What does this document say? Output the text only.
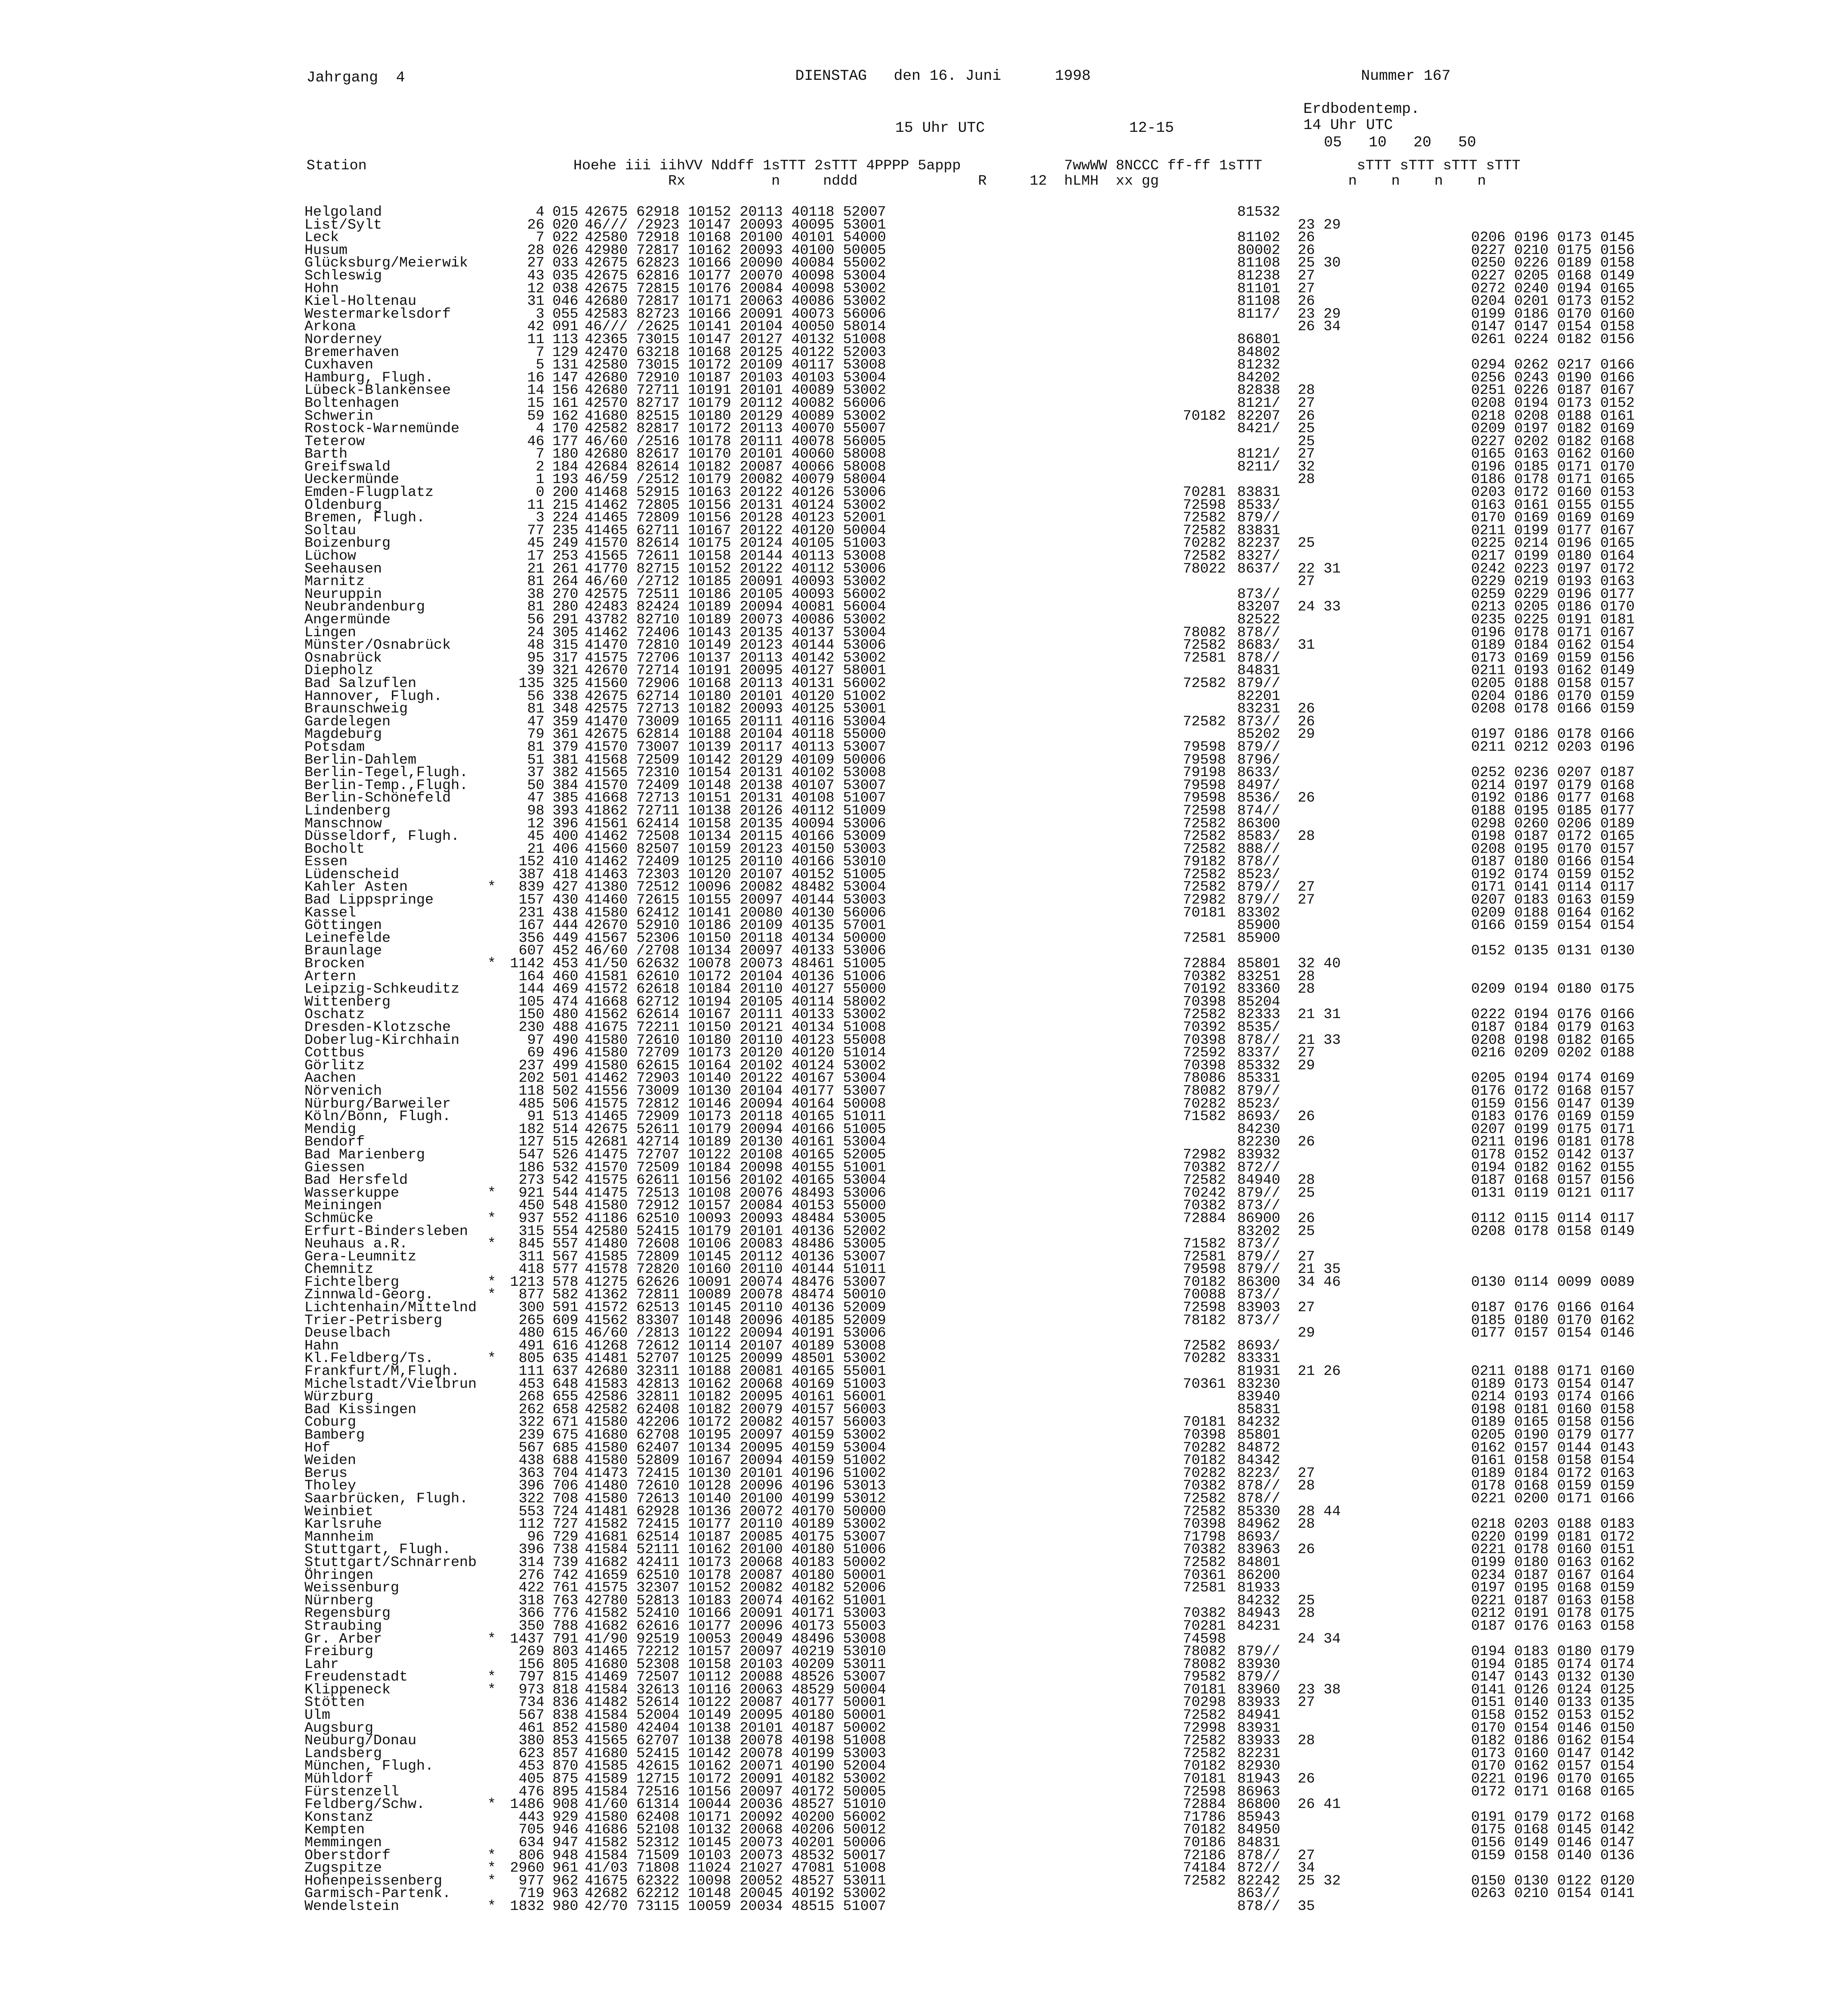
Jahrgang  4	DIENSTAG   den 16. Juni      1998	Nummer 167
Erdbodentemp.
14 Uhr UTC
15 Uhr UTC	12-15
05   10   20   50
Station                        Hoehe iii iihVV Nddff 1sTTT 2sTTT 4PPPP 5appp            7wwWW 8NCCC ff-ff 1sTTT           sTTT sTTT sTTT sTTT
Rx          n     nddd              R     12  hLMH  xx gg                      n    n    n    n
Helgoland	4	015	42675 62918 10152 20113 40118 52007		81532		
List/Sylt	26	020	46/// /2923 10147 20093 40095 53001			23 29	
Leck	7	022	42580 72918 10168 20100 40101 54000		81102	26	0206 0196 0173 0145
Husum	28	026	42980 72817 10162 20093 40100 50005		80002	26	0227 0210 0175 0156
Glücksburg/Meierwik	27	033	42675 62823 10166 20090 40084 55002		81108	25 30	0250 0226 0189 0158
Schleswig	43	035	42675 62816 10177 20070 40098 53004		81238	27	0227 0205 0168 0149
Hohn	12	038	42675 72815 10176 20084 40098 53002		81101	27	0272 0240 0194 0165
Kiel-Holtenau	31	046	42680 72817 10171 20063 40086 53002		81108	26	0204 0201 0173 0152
Westermarkelsdorf	3	055	42583 82723 10166 20091 40073 56006		8117/	23 29	0199 0186 0170 0160
Arkona	42	091	46/// /2625 10141 20104 40050 58014			26 34	0147 0147 0154 0158
Norderney	11	113	42365 73015 10147 20127 40132 51008		86801		0261 0224 0182 0156
Bremerhaven	7	129	42470 63218 10168 20125 40122 52003		84802		
Cuxhaven	5	131	42580 73015 10172 20109 40117 53008		81232		0294 0262 0217 0166
Hamburg, Flugh.	16	147	42680 72910 10187 20103 40103 53004		84202		0256 0243 0190 0166
Lübeck-Blankensee	14	156	42680 72711 10191 20101 40089 53002		82838	28	0251 0226 0187 0167
Boltenhagen	15	161	42570 82717 10179 20112 40082 56006		8121/	27	0208 0194 0173 0152
Schwerin	59	162	41680 82515 10180 20129 40089 53002	70182	82207	26	0218 0208 0188 0161
Rostock-Warnemünde	4	170	42582 82817 10172 20113 40070 55007		8421/	25	0209 0197 0182 0169
Teterow	46	177	46/60 /2516 10178 20111 40078 56005			25	0227 0202 0182 0168
Barth	7	180	42680 82617 10170 20101 40060 58008		8121/	27	0165 0163 0162 0160
Greifswald	2	184	42684 82614 10182 20087 40066 58008		8211/	32	0196 0185 0171 0170
Ueckermünde	1	193	46/59 /2512 10179 20082 40079 58004			28	0186 0178 0171 0165
Emden-Flugplatz	0	200	41468 52915 10163 20122 40126 53006	70281	83831		0203 0172 0160 0153
Oldenburg	11	215	41462 72805 10156 20131 40124 53002	72598	8533/		0163 0161 0155 0155
Bremen, Flugh.	3	224	41465 72809 10156 20128 40123 52001	72582	879//		0170 0169 0169 0169
Soltau	77	235	41465 62711 10167 20122 40120 50004	72582	83831		0211 0199 0177 0167
Boizenburg	45	249	41570 82614 10175 20124 40105 51003	70282	82237	25	0225 0214 0196 0165
Lüchow	17	253	41565 72611 10158 20144 40113 53008	72582	8327/		0217 0199 0180 0164
Seehausen	21	261	41770 82715 10152 20122 40112 53006	78022	8637/	22 31	0242 0223 0197 0172
Marnitz	81	264	46/60 /2712 10185 20091 40093 53002			27	0229 0219 0193 0163
Neuruppin	38	270	42575 72511 10186 20105 40093 56002		873//		0259 0229 0196 0177
Neubrandenburg	81	280	42483 82424 10189 20094 40081 56004		83207	24 33	0213 0205 0186 0170
Angermünde	56	291	43782 82710 10189 20073 40086 53002		82522		0235 0225 0191 0181
Lingen	24	305	41462 72406 10143 20135 40137 53004	78082	878//		0196 0178 0171 0167
Münster/Osnabrück	48	315	41470 72810 10149 20123 40144 53006	72582	8683/	31	0189 0184 0162 0154
Osnabrück	95	317	41575 72706 10137 20113 40142 53002	72581	878//		0173 0169 0159 0156
Diepholz	39	321	42670 72714 10191 20095 40127 58001		84831		0211 0193 0162 0149
Bad Salzuflen	135	325	41560 72906 10168 20113 40131 56002	72582	879//		0205 0188 0158 0157
Hannover, Flugh.	56	338	42675 62714 10180 20101 40120 51002		82201		0204 0186 0170 0159
Braunschweig	81	348	42575 72713 10182 20093 40125 53001		83231	26	0208 0178 0166 0159
Gardelegen	47	359	41470 73009 10165 20111 40116 53004	72582	873//	26	
Magdeburg	79	361	42675 62814 10188 20104 40118 55000		85202	29	0197 0186 0178 0166
Potsdam	81	379	41570 73007 10139 20117 40113 53007	79598	879//		0211 0212 0203 0196
Berlin-Dahlem	51	381	41568 72509 10142 20129 40109 50006	79598	8796/		
Berlin-Tegel,Flugh.	37	382	41565 72310 10154 20131 40102 53008	79198	8633/		0252 0236 0207 0187
Berlin-Temp.,Flugh.	50	384	41570 72409 10148 20138 40107 53007	79598	8497/		0214 0197 0179 0168
Berlin-Schönefeld	47	385	41668 72713 10151 20131 40108 51007	79598	8536/	26	0192 0186 0177 0168
Lindenberg	98	393	41862 72711 10138 20126 40112 51009	72598	874//		0188 0195 0185 0177
Manschnow	12	396	41561 62414 10158 20135 40094 53006	72582	86300		0298 0260 0206 0189
Düsseldorf, Flugh.	45	400	41462 72508 10134 20115 40166 53009	72582	8583/	28	0198 0187 0172 0165
Bocholt	21	406	41560 82507 10159 20123 40150 53003	72582	888//		0208 0195 0170 0157
Essen	152	410	41462 72409 10125 20110 40166 53010	79182	878//		0187 0180 0166 0154
Lüdenscheid	387	418	41463 72303 10120 20107 40152 51005	72582	8523/		0192 0174 0159 0152
Kahler Asten *	839	427	41380 72512 10096 20082 48482 53004	72582	879//	27	0171 0141 0114 0117
Bad Lippspringe	157	430	41460 72615 10155 20097 40144 53003	72982	879//	27	0207 0183 0163 0159
Kassel	231	438	41580 62412 10141 20080 40130 56006	70181	83302		0209 0188 0164 0162
Göttingen	167	444	42670 52910 10186 20109 40135 57001		85900		0166 0159 0154 0154
Leinefelde	356	449	41567 52306 10150 20118 40134 50000	72581	85900		
Braunlage	607	452	46/60 /2708 10134 20097 40133 53006				0152 0135 0131 0130
Brocken *	1142	453	41/50 62632 10078 20073 48461 51005	72884	85801	32 40	
Artern	164	460	41581 62610 10172 20104 40136 51006	70382	83251	28	
Leipzig-Schkeuditz	144	469	41572 62618 10184 20110 40127 55000	70192	83360	28	0209 0194 0180 0175
Wittenberg	105	474	41668 62712 10194 20105 40114 58002	70398	85204		
Oschatz	150	480	41562 62614 10167 20111 40133 53002	72582	82333	21 31	0222 0194 0176 0166
Dresden-Klotzsche	230	488	41675 72211 10150 20121 40134 51008	70392	8535/		0187 0184 0179 0163
Doberlug-Kirchhain	97	490	41580 72610 10180 20110 40123 55008	70398	878//	21 33	0208 0198 0182 0165
Cottbus	69	496	41580 72709 10173 20120 40120 51014	72592	8337/	27	0216 0209 0202 0188
Görlitz	237	499	41580 62615 10164 20102 40124 53002	70398	85332	29	
Aachen	202	501	41462 72903 10140 20122 40167 53004	78086	85331		0205 0194 0174 0169
Nörvenich	118	502	41556 73009 10130 20104 40177 53007	78082	879//		0176 0172 0168 0157
Nürburg/Barweiler	485	506	41575 72812 10146 20094 40164 50008	70282	8523/		0159 0156 0147 0139
Köln/Bonn, Flugh.	91	513	41465 72909 10173 20118 40165 51011	71582	8693/	26	0183 0176 0169 0159
Mendig	182	514	42675 52611 10179 20094 40166 51005		84230		0207 0199 0175 0171
Bendorf	127	515	42681 42714 10189 20130 40161 53004		82230	26	0211 0196 0181 0178
Bad Marienberg	547	526	41475 72707 10122 20108 40165 52005	72982	83932		0178 0152 0142 0137
Giessen	186	532	41570 72509 10184 20098 40155 51001	70382	872//		0194 0182 0162 0155
Bad Hersfeld	273	542	41575 62611 10156 20102 40165 53004	72582	84940	28	0187 0168 0157 0156
Wasserkuppe *	921	544	41475 72513 10108 20076 48493 53006	70242	879//	25	0131 0119 0121 0117
Meiningen	450	548	41580 72912 10157 20084 40153 55000	70382	873//		
Schmücke *	937	552	41186 62510 10093 20093 48484 53005	72884	86900	26	0112 0115 0114 0117
Erfurt-Bindersleben	315	554	42580 52415 10179 20101 40136 52002		83202	25	0208 0178 0158 0149
Neuhaus a.R. *	845	557	41480 72608 10106 20083 48486 53005	71582	873//		
Gera-Leumnitz	311	567	41585 72809 10145 20112 40136 53007	72581	879//	27	
Chemnitz	418	577	41578 72820 10160 20110 40144 51011	79598	879//	21 35	
Fichtelberg *	1213	578	41275 62626 10091 20074 48476 53007	70182	86300	34 46	0130 0114 0099 0089
Zinnwald-Georg. *	877	582	41362 72811 10089 20078 48474 50010	70088	873//		
Lichtenhain/Mittelnd	300	591	41572 62513 10145 20110 40136 52009	72598	83903	27	0187 0176 0166 0164
Trier-Petrisberg	265	609	41562 83307 10148 20096 40185 52009	78182	873//		0185 0180 0170 0162
Deuselbach	480	615	46/60 /2813 10122 20094 40191 53006			29	0177 0157 0154 0146
Hahn	491	616	41268 72612 10114 20107 40189 53008	72582	8693/		
Kl.Feldberg/Ts. *	805	635	41481 52707 10125 20099 48501 53002	70282	83331		
Frankfurt/M,Flugh.	111	637	42680 32311 10188 20081 40165 55001		81931	21 26	0211 0188 0171 0160
Michelstadt/Vielbrun	453	648	41583 42813 10162 20068 40169 51003	70361	83230		0189 0173 0154 0147
Würzburg	268	655	42586 32811 10182 20095 40161 56001		83940		0214 0193 0174 0166
Bad Kissingen	262	658	42582 62408 10182 20079 40157 56003		85831		0198 0181 0160 0158
Coburg	322	671	41580 42206 10172 20082 40157 56003	70181	84232		0189 0165 0158 0156
Bamberg	239	675	41680 62708 10195 20097 40159 53002	70398	85801		0205 0190 0179 0177
Hof	567	685	41580 62407 10134 20095 40159 53004	70282	84872		0162 0157 0144 0143
Weiden	438	688	41580 52809 10167 20094 40159 51002	70182	84342		0161 0158 0158 0154
Berus	363	704	41473 72415 10130 20101 40196 51002	70282	8223/	27	0189 0184 0172 0163
Tholey	396	706	41480 72610 10128 20096 40196 53013	70382	878//	28	0178 0168 0159 0159
Saarbrücken, Flugh.	322	708	41580 72613 10140 20100 40199 53012	72582	878//		0221 0200 0171 0166
Weinbiet	553	724	41481 62928 10136 20072 40170 50000	72582	85330	28 44	
Karlsruhe	112	727	41582 72415 10177 20110 40189 53002	70398	84962	28	0218 0203 0188 0183
Mannheim	96	729	41681 62514 10187 20085 40175 53007	71798	8693/		0220 0199 0181 0172
Stuttgart, Flugh.	396	738	41584 52111 10162 20100 40180 51006	70382	83963	26	0221 0178 0160 0151
Stuttgart/Schnarrenb	314	739	41682 42411 10173 20068 40183 50002	72582	84801		0199 0180 0163 0162
Öhringen	276	742	41659 62510 10178 20087 40180 50001	70361	86200		0234 0187 0167 0164
Weissenburg	422	761	41575 32307 10152 20082 40182 52006	72581	81933		0197 0195 0168 0159
Nürnberg	318	763	42780 52813 10183 20074 40162 51001		84232	25	0221 0187 0163 0158
Regensburg	366	776	41582 52410 10166 20091 40171 53003	70382	84943	28	0212 0191 0178 0175
Straubing	350	788	41682 62616 10177 20096 40173 55003	70281	84231		0187 0176 0163 0158
Gr. Arber *	1437	791	41/90 92519 10053 20049 48496 53008	74598		24 34	
Freiburg	269	803	41465 72212 10157 20097 40219 53010	78082	879//		0194 0183 0180 0179
Lahr	156	805	41680 52308 10158 20103 40209 53011	78082	83930		0194 0185 0174 0174
Freudenstadt *	797	815	41469 72507 10112 20088 48526 53007	79582	879//		0147 0143 0132 0130
Klippeneck *	973	818	41584 32613 10116 20063 48529 50004	70181	83960	23 38	0141 0126 0124 0125
Stötten	734	836	41482 52614 10122 20087 40177 50001	70298	83933	27	0151 0140 0133 0135
Ulm	567	838	41584 52004 10149 20095 40180 50001	72582	84941		0158 0152 0153 0152
Augsburg	461	852	41580 42404 10138 20101 40187 50002	72998	83931		0170 0154 0146 0150
Neuburg/Donau	380	853	41565 62707 10138 20078 40198 51008	72582	83933	28	0182 0186 0162 0154
Landsberg	623	857	41680 52415 10142 20078 40199 53003	72582	82231		0173 0160 0147 0142
München, Flugh.	453	870	41585 42615 10162 20071 40190 52004	70182	82930		0170 0162 0157 0154
Mühldorf	405	875	41589 12715 10172 20091 40182 53002	70181	81943	26	0221 0196 0170 0165
Fürstenzell	476	895	41584 72516 10156 20097 40172 50005	72598	86963		0172 0171 0168 0165
Feldberg/Schw. *	1486	908	41/60 61314 10044 20036 48527 51010	72884	86800	26 41	
Konstanz	443	929	41580 62408 10171 20092 40200 56002	71786	85943		0191 0179 0172 0168
Kempten	705	946	41686 52108 10132 20068 40206 50012	70182	84950		0175 0168 0145 0142
Memmingen	634	947	41582 52312 10145 20073 40201 50006	70186	84831		0156 0149 0146 0147
Oberstdorf *	806	948	41584 71509 10103 20073 48532 50017	72186	878//	27	0159 0158 0140 0136
Zugspitze *	2960	961	41/03 71808 11024 21027 47081 51008	74184	872//	34	
Hohenpeissenberg *	977	962	41675 62322 10098 20052 48527 53011	72582	82242	25 32	0150 0130 0122 0120
Garmisch-Partenk.	719	963	42682 62212 10148 20045 40192 53002		863//		0263 0210 0154 0141
Wendelstein *	1832	980	42/70 73115 10059 20034 48515 51007		878//	35	
